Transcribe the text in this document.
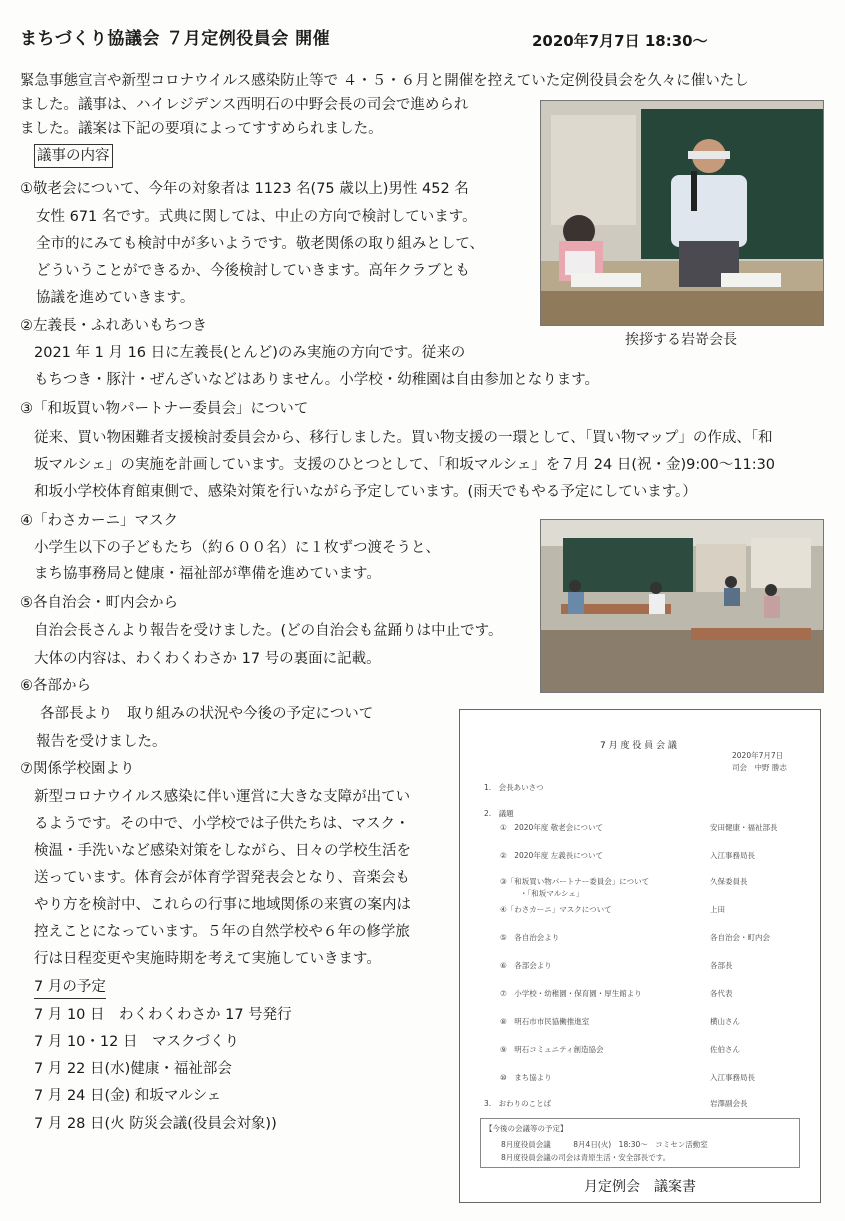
まちづくり協議会 ７月定例役員会 開催	2020年7月7日 18:30～
緊急事態宣言や新型コロナウイルス感染防止等で ４・５・６月と開催を控えていた定例役員会を久々に催いたし
ました。議事は、ハイレジデンス西明石の中野会長の司会で進められ
ました。議案は下記の要項によってすすめられました。
議事の内容
①敬老会について、今年の対象者は 1123 名(75 歳以上)男性 452 名
女性 671 名です。式典に関しては、中止の方向で検討しています。
全市的にみても検討中が多いようです。敬老関係の取り組みとして、
どういうことができるか、今後検討していきます。高年クラブとも
協議を進めていきます。
②左義長・ふれあいもちつき
2021 年 1 月 16 日に左義長(とんど)のみ実施の方向です。従来の
もちつき・豚汁・ぜんざいなどはありません。小学校・幼稚園は自由参加となります。
③「和坂買い物パートナー委員会」について
従来、買い物困難者支援検討委員会から、移行しました。買い物支援の一環として、「買い物マップ」の作成、「和
坂マルシェ」の実施を計画しています。支援のひとつとして、「和坂マルシェ」を７月 24 日(祝・金)9:00～11:30
和坂小学校体育館東側で、感染対策を行いながら予定しています。(雨天でもやる予定にしています。）
④「わさカーニ」マスク
小学生以下の子どもたち（約６００名）に１枚ずつ渡そうと、
まち協事務局と健康・福祉部が準備を進めています。
⑤各自治会・町内会から
自治会長さんより報告を受けました。(どの自治会も盆踊りは中止です。
大体の内容は、わくわくわさか 17 号の裏面に記載。
⑥各部から
各部長より　取り組みの状況や今後の予定について
報告を受けました。
⑦関係学校園より
新型コロナウイルス感染に伴い運営に大きな支障が出てい
るようです。その中で、小学校では子供たちは、マスク・
検温・手洗いなど感染対策をしながら、日々の学校生活を
送っています。体育会が体育学習発表会となり、音楽会も
やり方を検討中、これらの行事に地域関係の来賓の案内は
控えことになっています。５年の自然学校や６年の修学旅
行は日程変更や実施時期を考えて実施していきます。
7 月の予定
7 月 10 日　わくわくわさか 17 号発行
7 月 10・12 日　マスクづくり
7 月 22 日(水)健康・福祉部会
7 月 24 日(金) 和坂マルシェ
7 月 28 日(火 防災会議(役員会対象))
挨拶する岩嵜会長
7 月 度 役 員 会 議
2020年7月7日
司会　中野 勝志
1.　会長あいさつ
2.　議題
①　2020年度 敬老会について	安田健康・福祉部長
②　2020年度 左義長について	入江事務局長
③「和坂買い物パートナー委員会」について	久保委員長
・「和坂マルシェ」
④「わさカーニ」マスクについて	上田
⑤　各自治会より	各自治会・町内会
⑥　各部会より	各部長
⑦　小学校・幼稚園・保育園・厚生館より	各代表
⑧　明石市市民協働推進室	横山さん
⑨　明石コミュニティ創造協会	佐伯さん
⑩　まち協より	入江事務局長
3.　おわりのことば	岩澤副会長
【今後の会議等の予定】
8月度役員会議　　　8月4日(火)　18:30～　コミセン活動室
8月度役員会議の司会は青原生活・安全部長です。
月定例会　議案書
